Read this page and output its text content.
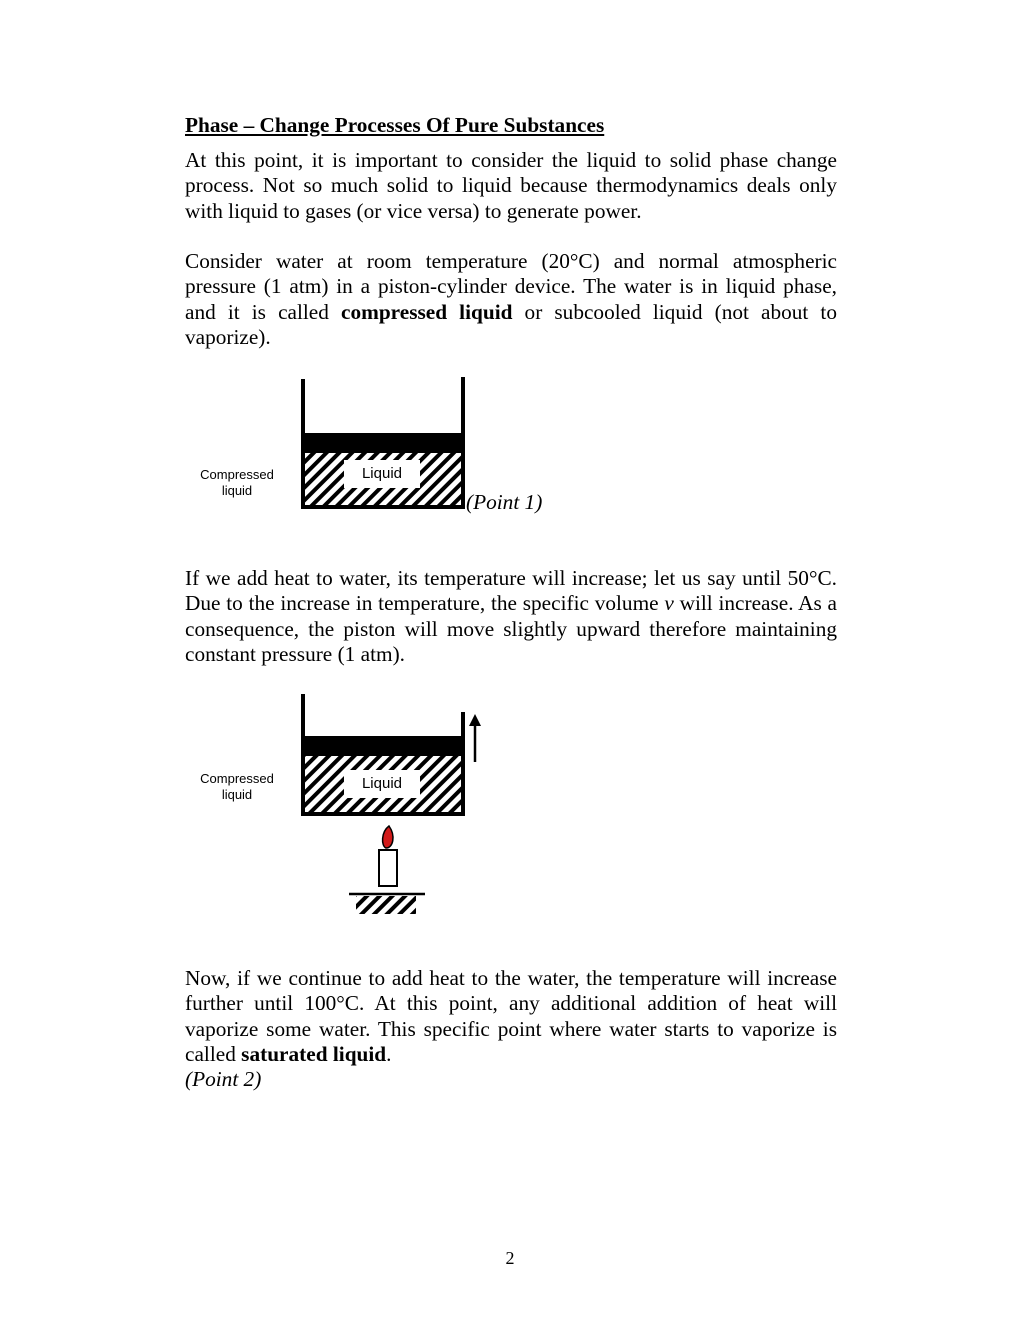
Phase – Change Processes Of Pure Substances

At this point, it is important to consider the liquid to solid phase change process. Not so much solid to liquid because thermodynamics deals only with liquid to gases (or vice versa) to generate power.

Consider water at room temperature (20°C) and normal atmospheric pressure (1 atm) in a piston-cylinder device. The water is in liquid phase, and it is called compressed liquid or subcooled liquid (not about to vaporize).

Compressed
liquid
Liquid
(Point 1)

If we add heat to water, its temperature will increase; let us say until 50°C. Due to the increase in temperature, the specific volume v will increase. As a consequence, the piston will move slightly upward therefore maintaining constant pressure (1 atm).

Compressed
liquid
Liquid

Now, if we continue to add heat to the water, the temperature will increase further until 100°C. At this point, any additional addition of heat will vaporize some water. This specific point where water starts to vaporize is called saturated liquid.

(Point 2)
2
